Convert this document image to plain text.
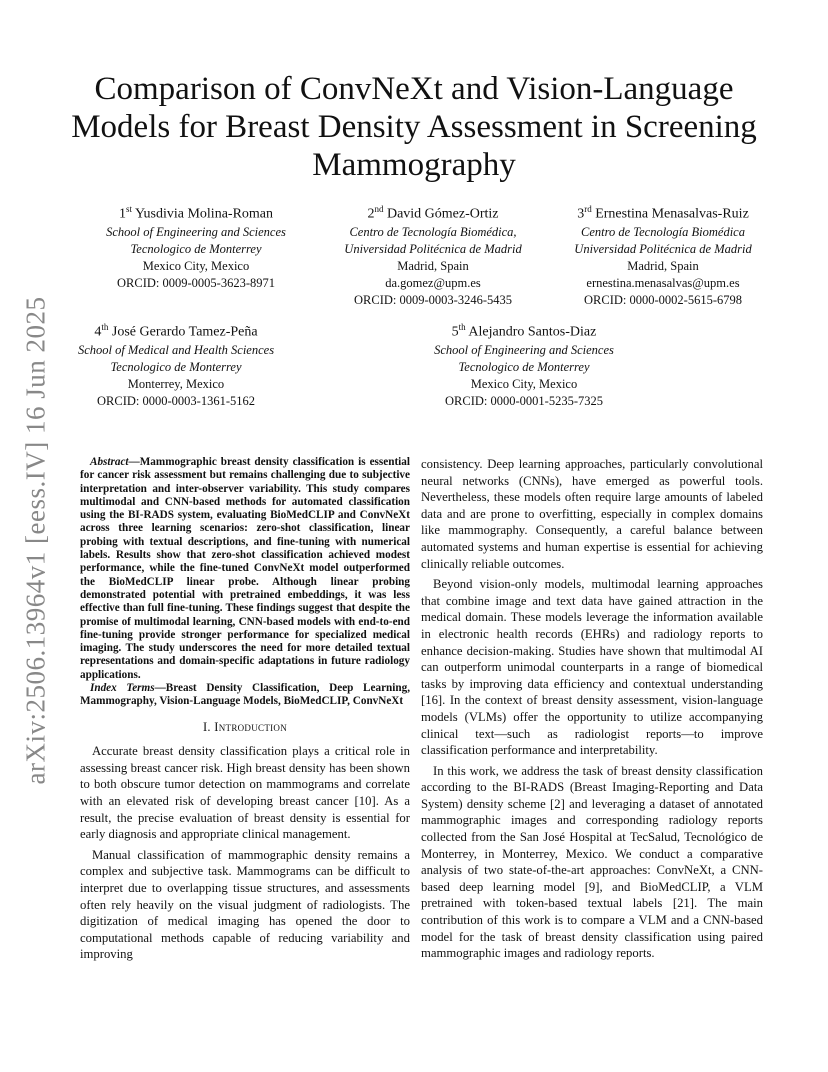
arXiv:2506.13964v1 [eess.IV] 16 Jun 2025
Comparison of ConvNeXt and Vision-Language Models for Breast Density Assessment in Screening Mammography
1st Yusdivia Molina-Roman
School of Engineering and Sciences
Tecnologico de Monterrey
Mexico City, Mexico
ORCID: 0009-0005-3623-8971
2nd David Gómez-Ortiz
Centro de Tecnología Biomédica,
Universidad Politécnica de Madrid
Madrid, Spain
da.gomez@upm.es
ORCID: 0009-0003-3246-5435
3rd Ernestina Menasalvas-Ruiz
Centro de Tecnología Biomédica
Universidad Politécnica de Madrid
Madrid, Spain
ernestina.menasalvas@upm.es
ORCID: 0000-0002-5615-6798
4th José Gerardo Tamez-Peña
School of Medical and Health Sciences
Tecnologico de Monterrey
Monterrey, Mexico
ORCID: 0000-0003-1361-5162
5th Alejandro Santos-Diaz
School of Engineering and Sciences
Tecnologico de Monterrey
Mexico City, Mexico
ORCID: 0000-0001-5235-7325

Abstract—Mammographic breast density classification is essential for cancer risk assessment but remains challenging due to subjective interpretation and inter-observer variability. This study compares multimodal and CNN-based methods for automated classification using the BI-RADS system, evaluating BioMedCLIP and ConvNeXt across three learning scenarios: zero-shot classification, linear probing with textual descriptions, and fine-tuning with numerical labels. Results show that zero-shot classification achieved modest performance, while the fine-tuned ConvNeXt model outperformed the BioMedCLIP linear probe. Although linear probing demonstrated potential with pretrained embeddings, it was less effective than full fine-tuning. These findings suggest that despite the promise of multimodal learning, CNN-based models with end-to-end fine-tuning provide stronger performance for specialized medical imaging. The study underscores the need for more detailed textual representations and domain-specific adaptations in future radiology applications.

Index Terms—Breast Density Classification, Deep Learning, Mammography, Vision-Language Models, BioMedCLIP, ConvNeXt

I. Introduction

Accurate breast density classification plays a critical role in assessing breast cancer risk. High breast density has been shown to both obscure tumor detection on mammograms and correlate with an elevated risk of developing breast cancer [10]. As a result, the precise evaluation of breast density is essential for early diagnosis and appropriate clinical management.

Manual classification of mammographic density remains a complex and subjective task. Mammograms can be difficult to interpret due to overlapping tissue structures, and assessments often rely heavily on the visual judgment of radiologists. The digitization of medical imaging has opened the door to computational methods capable of reducing variability and improving

consistency. Deep learning approaches, particularly convolutional neural networks (CNNs), have emerged as powerful tools. Nevertheless, these models often require large amounts of labeled data and are prone to overfitting, especially in complex domains like mammography. Consequently, a careful balance between automated systems and human expertise is essential for achieving clinically reliable outcomes.

Beyond vision-only models, multimodal learning approaches that combine image and text data have gained attraction in the medical domain. These models leverage the information available in electronic health records (EHRs) and radiology reports to enhance decision-making. Studies have shown that multimodal AI can outperform unimodal counterparts in a range of biomedical tasks by improving data efficiency and contextual understanding [16]. In the context of breast density assessment, vision-language models (VLMs) offer the opportunity to utilize accompanying clinical text—such as radiologist reports—to improve classification performance and interpretability.

In this work, we address the task of breast density classification according to the BI-RADS (Breast Imaging-Reporting and Data System) density scheme [2] and leveraging a dataset of annotated mammographic images and corresponding radiology reports collected from the San José Hospital at TecSalud, Tecnológico de Monterrey, in Monterrey, Mexico. We conduct a comparative analysis of two state-of-the-art approaches: ConvNeXt, a CNN-based deep learning model [9], and BioMedCLIP, a VLM pretrained with token-based textual labels [21]. The main contribution of this work is to compare a VLM and a CNN-based model for the task of breast density classification using paired mammographic images and radiology reports.
